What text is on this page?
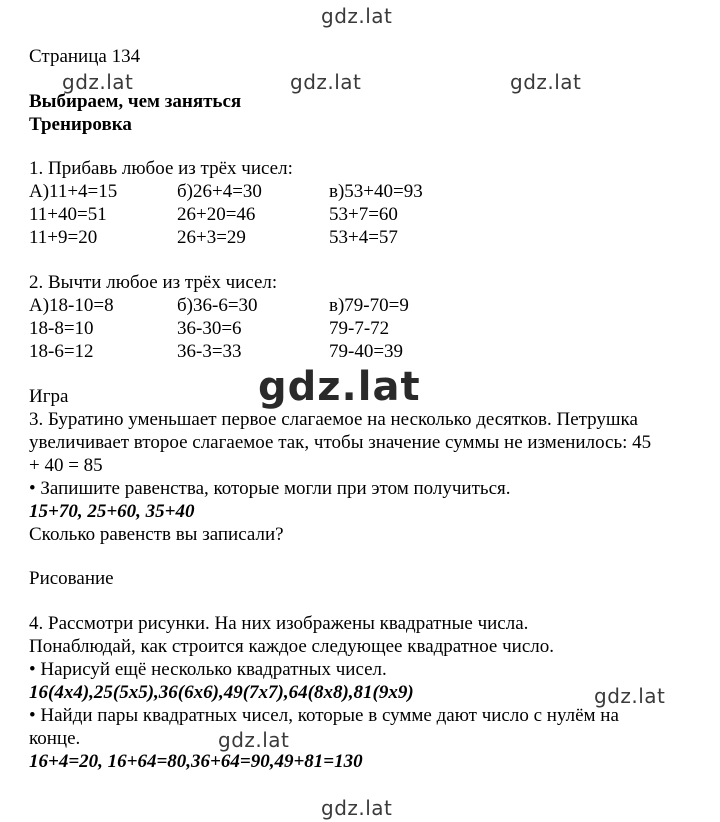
gdz.lat
gdz.lat	gdz.lat	gdz.lat
gdz.lat
gdz.lat
gdz.lat
gdz.lat
Страница 134
Выбираем, чем заняться
Тренировка
1. Прибавь любое из трёх чисел:
А)11+4=15	б)26+4=30	в)53+40=93
11+40=51	26+20=46	53+7=60
11+9=20	26+3=29	53+4=57
2. Вычти любое из трёх чисел:
А)18-10=8	б)36-6=30	в)79-70=9
18-8=10	36-30=6	79-7-72
18-6=12	36-3=33	79-40=39
Игра
3. Буратино уменьшает первое слагаемое на несколько десятков. Петрушка
увеличивает второе слагаемое так, чтобы значение суммы не изменилось: 45
+ 40 = 85
• Запишите равенства, которые могли при этом получиться.
15+70, 25+60, 35+40
Сколько равенств вы записали?
Рисование
4. Рассмотри рисунки. На них изображены квадратные числа.
Понаблюдай, как строится каждое следующее квадратное число.
• Нарисуй ещё несколько квадратных чисел.
16(4x4),25(5x5),36(6x6),49(7x7),64(8x8),81(9x9)
• Найди пары квадратных чисел, которые в сумме дают число с нулём на
конце.
16+4=20, 16+64=80,36+64=90,49+81=130
